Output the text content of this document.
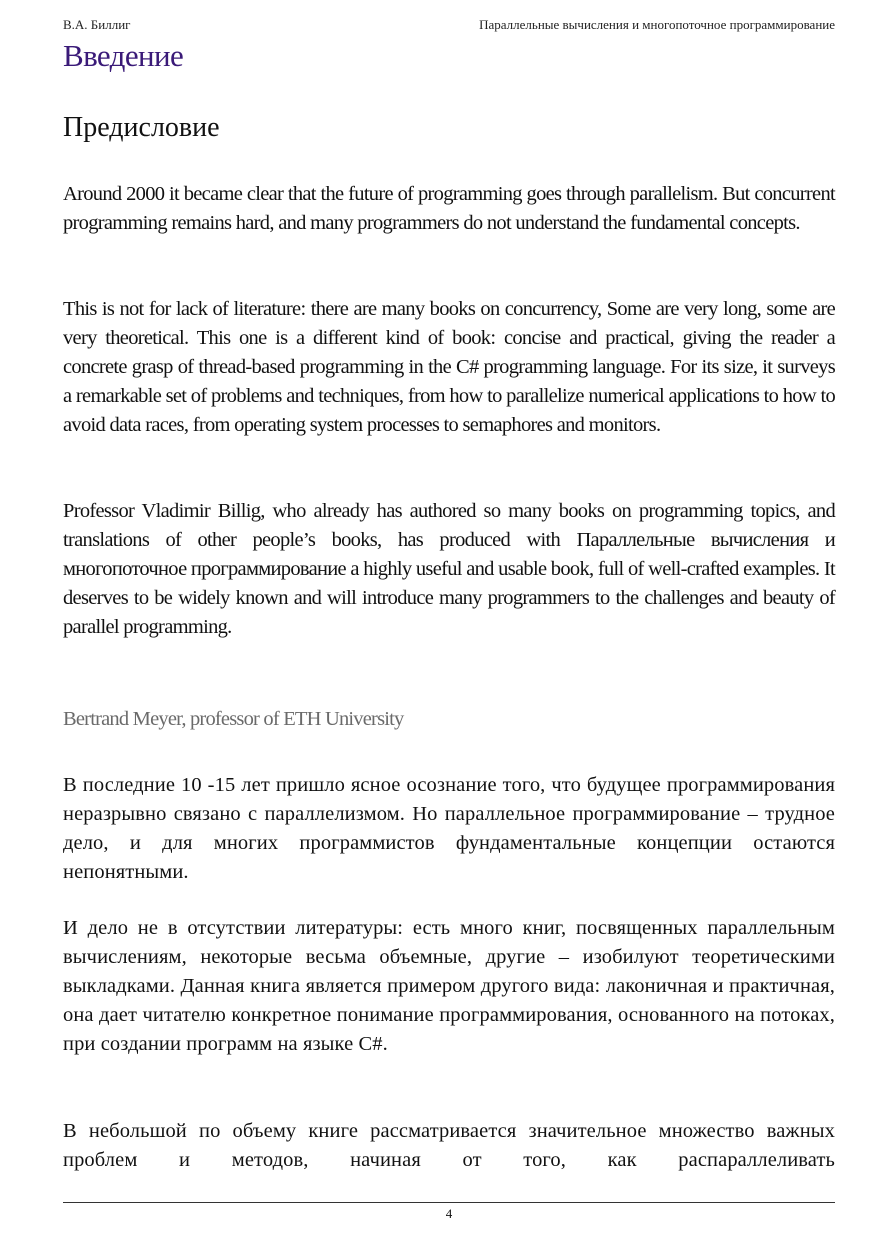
В.А. Биллиг	Параллельные вычисления и многопоточное программирование
Введение
Предисловие

Around 2000 it became clear that the future of programming goes through parallelism. But concurrent programming remains hard, and many programmers do not understand the fundamental concepts.

This is not for lack of literature: there are many books on concurrency, Some are very long, some are very theoretical. This one is a different kind of book: concise and practical, giving the reader a concrete grasp of thread-based programming in the C# programming language. For its size, it surveys a remarkable set of problems and techniques, from how to parallelize numerical applications to how to avoid data races, from operating system processes to semaphores and monitors.

Professor Vladimir Billig, who already has authored so many books on programming topics, and translations of other people’s books, has produced with Параллельные вычисления и многопоточное программирование a highly useful and usable book, full of well-crafted examples. It deserves to be widely known and will introduce many programmers to the challenges and beauty of parallel programming.

Bertrand Meyer, professor of ETH University

В последние 10 -15 лет пришло ясное осознание того, что будущее программирования неразрывно связано с параллелизмом. Но параллельное программирование – трудное дело, и для многих программистов фундаментальные концепции остаются непонятными.

И дело не в отсутствии литературы: есть много книг, посвященных параллельным вычислениям, некоторые весьма объемные, другие – изобилуют теоретическими выкладками. Данная книга является примером другого вида: лаконичная и практичная, она дает читателю конкретное понимание программирования, основанного на потоках, при создании программ на языке C#.

В небольшой по объему книге рассматривается значительное множество важных проблем и методов, начиная от того, как распараллеливать

4
